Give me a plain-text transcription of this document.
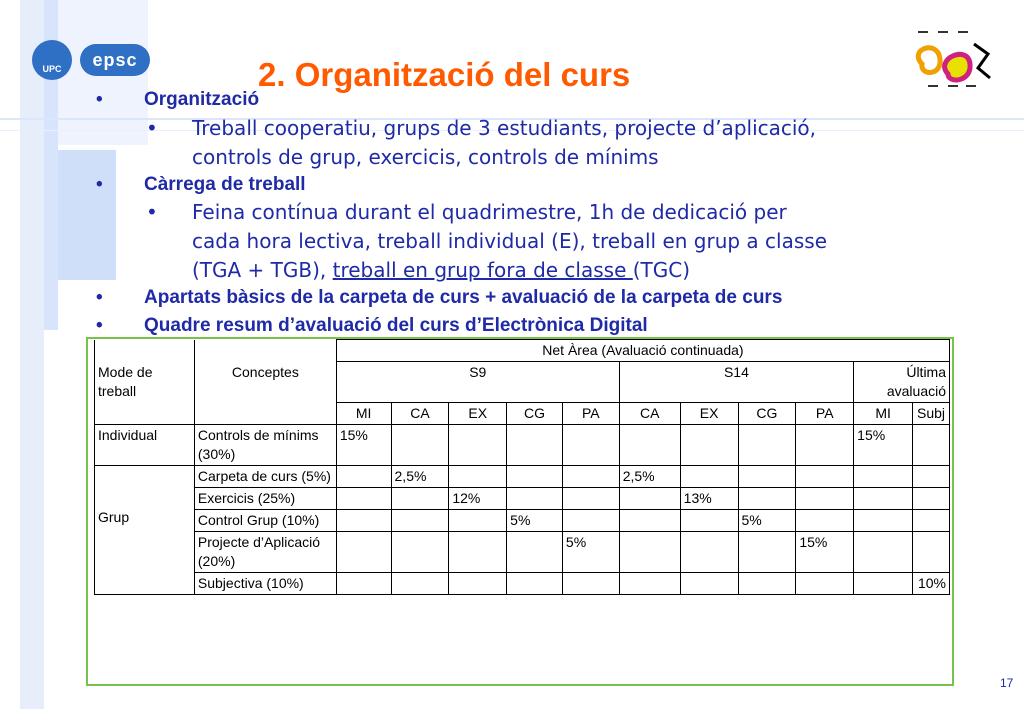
UPC	epsc	2. Organització del curs
• Organització
• Treball cooperatiu, grups de 3 estudiants, projecte d’aplicació,
controls de grup, exercicis, controls de mínims
• Càrrega de treball
• Feina contínua durant el quadrimestre, 1h de dedicació per
cada hora lectiva, treball individual (E), treball en grup a classe
(TGA + TGB), treball en grup fora de classe (TGC)
• Apartats bàsics de la carpeta de curs + avaluació de la carpeta de curs
• Quadre resum d’avaluació del curs d’Electrònica Digital
		Net Àrea (Avaluació continuada)										
Mode de treball	Conceptes	S9					S14				Última avaluació	
		MI	CA	EX	CG	PA	CA	EX	CG	PA	MI	Subj
Individual	Controls de mínims (30%)	15%									15%	
Grup	Carpeta de curs (5%)		2,5%				2,5%					
	Exercicis (25%)			12%				13%				
	Control Grup (10%)				5%				5%			
	Projecte d’Aplicació (20%)					5%				15%		
	Subjectiva (10%)											10%
17
